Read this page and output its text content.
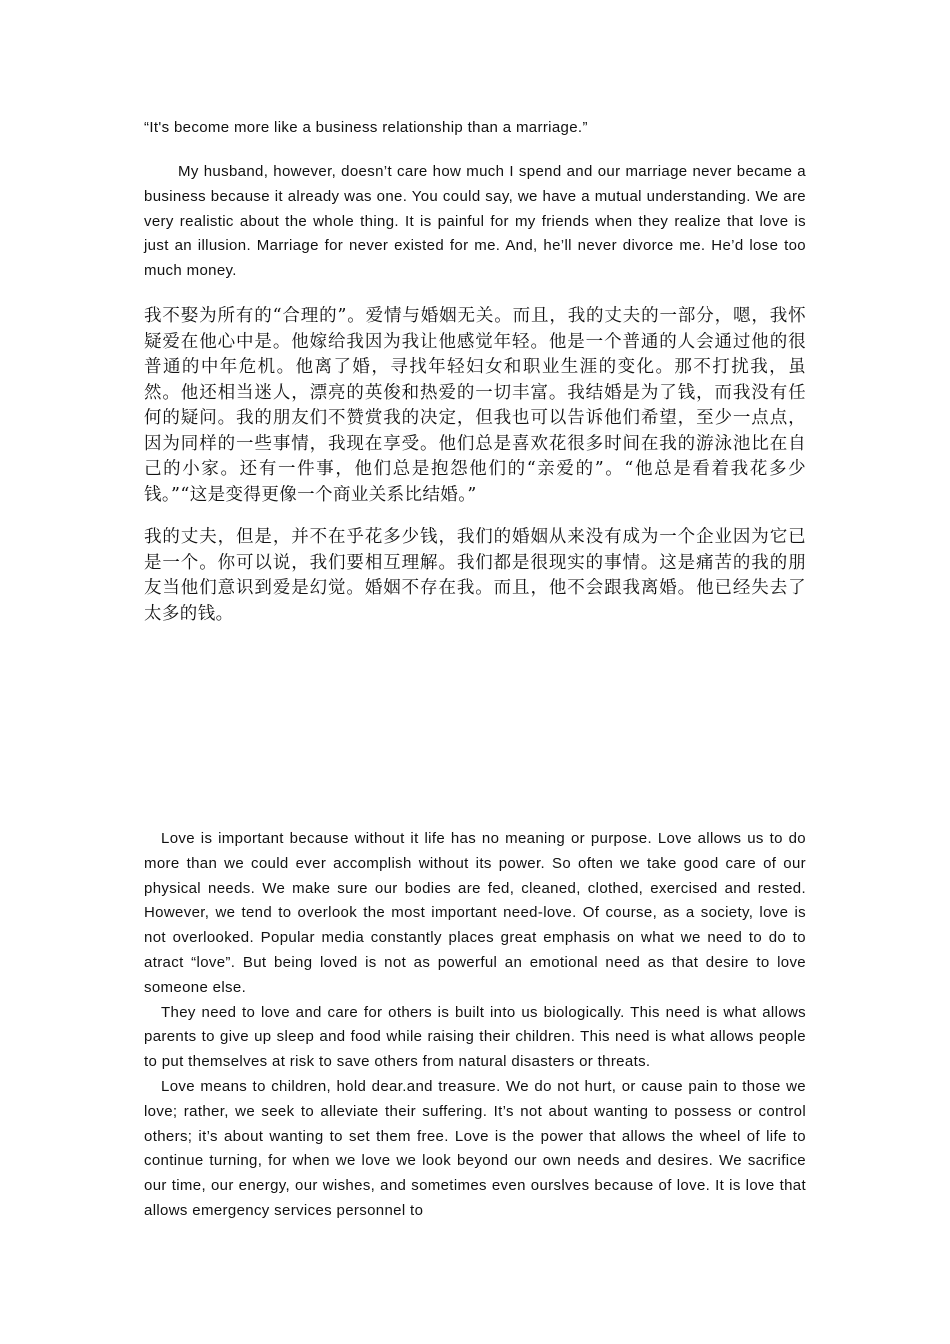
“It's become more like a business relationship than a marriage.”

My husband, however, doesn’t care how much I spend and our marriage never became a business because it already was one. You could say, we have a mutual understanding. We are very realistic about the whole thing. It is painful for my friends when they realize that love is just an illusion. Marriage for never existed for me. And, he’ll never divorce me. He’d lose too much money.

我不娶为所有的“合理的”。爱情与婚姻无关。而且，我的丈夫的一部分，嗯，我怀疑爱在他心中是。他嫁给我因为我让他感觉年轻。他是一个普通的人会通过他的很普通的中年危机。他离了婚，寻找年轻妇女和职业生涯的变化。那不打扰我，虽然。他还相当迷人，漂亮的英俊和热爱的一切丰富。我结婚是为了钱，而我没有任何的疑问。我的朋友们不赞赏我的决定，但我也可以告诉他们希望，至少一点点，因为同样的一些事情，我现在享受。他们总是喜欢花很多时间在我的游泳池比在自己的小家。还有一件事，他们总是抱怨他们的“亲爱的”。“他总是看着我花多少钱。”“这是变得更像一个商业关系比结婚。”

我的丈夫，但是，并不在乎花多少钱，我们的婚姻从来没有成为一个企业因为它已是一个。你可以说，我们要相互理解。我们都是很现实的事情。这是痛苦的我的朋友当他们意识到爱是幻觉。婚姻不存在我。而且，他不会跟我离婚。他已经失去了太多的钱。

Love is important because without it life has no meaning or purpose. Love allows us to do more than we could ever accomplish without its power. So often we take good care of our physical needs. We make sure our bodies are fed, cleaned, clothed, exercised and rested. However, we tend to overlook the most important need-love. Of course, as a society, love is not overlooked. Popular media constantly places great emphasis on what we need to do to atract “love”. But being loved is not as powerful an emotional need as that desire to love someone else.

They need to love and care for others is built into us biologically. This need is what allows parents to give up sleep and food while raising their children. This need is what allows people to put themselves at risk to save others from natural disasters or threats.

Love means to children, hold dear.and treasure. We do not hurt, or cause pain to those we love; rather, we seek to alleviate their suffering. It’s not about wanting to possess or control others; it’s about wanting to set them free. Love is the power that allows the wheel of life to continue turning, for when we love we look beyond our own needs and desires. We sacrifice our time, our energy, our wishes, and sometimes even ourslves because of love. It is love that allows emergency services personnel to
